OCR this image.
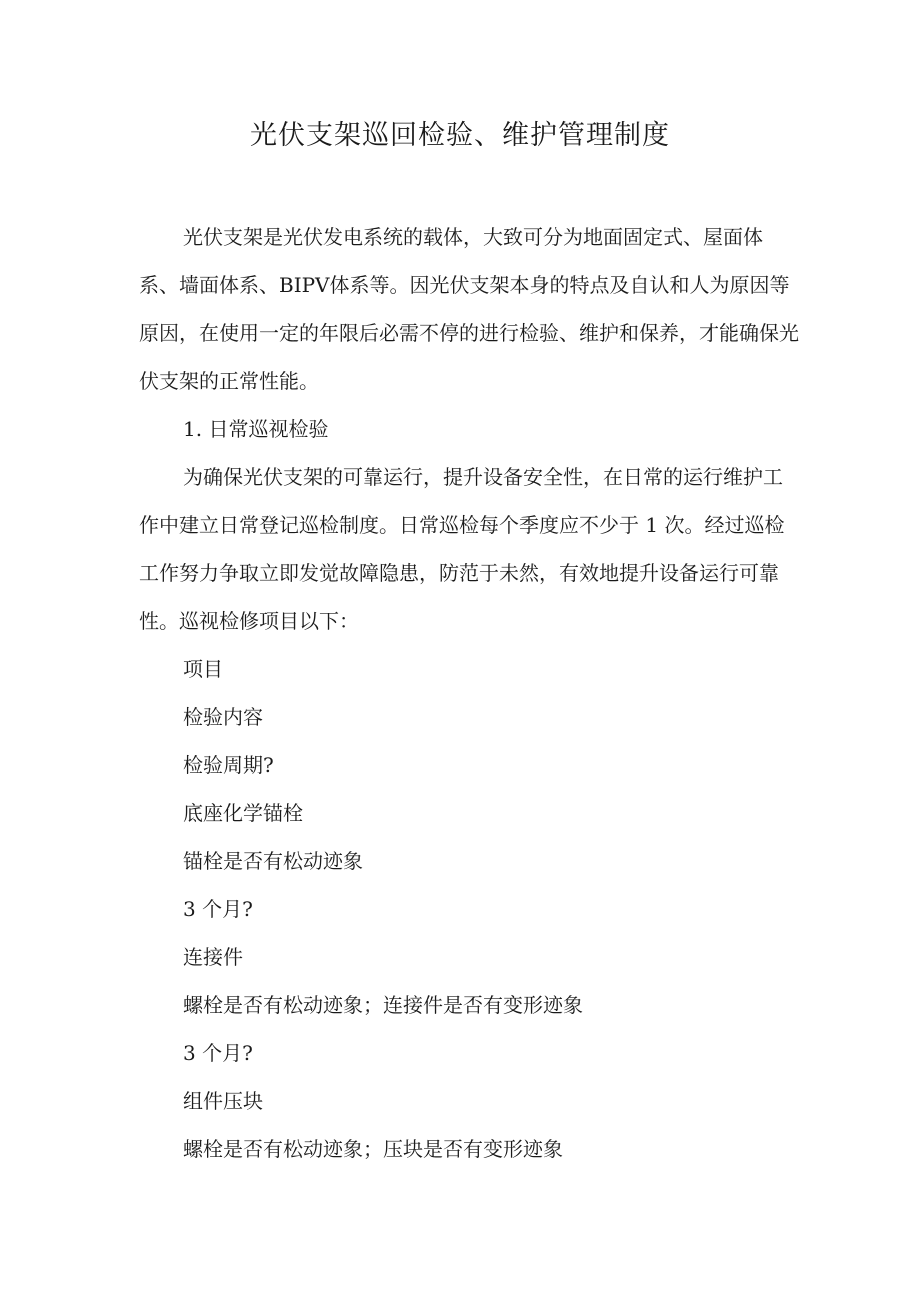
光伏支架巡回检验、维护管理制度

光伏支架是光伏发电系统的载体，大致可分为地面固定式、屋面体系、墙面体系、BIPV体系等。因光伏支架本身的特点及自认和人为原因等原因，在使用一定的年限后必需不停的进行检验、维护和保养，才能确保光伏支架的正常性能。

1. 日常巡视检验

为确保光伏支架的可靠运行，提升设备安全性，在日常的运行维护工作中建立日常登记巡检制度。日常巡检每个季度应不少于 1 次。经过巡检工作努力争取立即发觉故障隐患，防范于未然，有效地提升设备运行可靠性。巡视检修项目以下：

项目

检验内容

检验周期?

底座化学锚栓

锚栓是否有松动迹象

3 个月?

连接件

螺栓是否有松动迹象；连接件是否有变形迹象

3 个月?

组件压块

螺栓是否有松动迹象；压块是否有变形迹象
